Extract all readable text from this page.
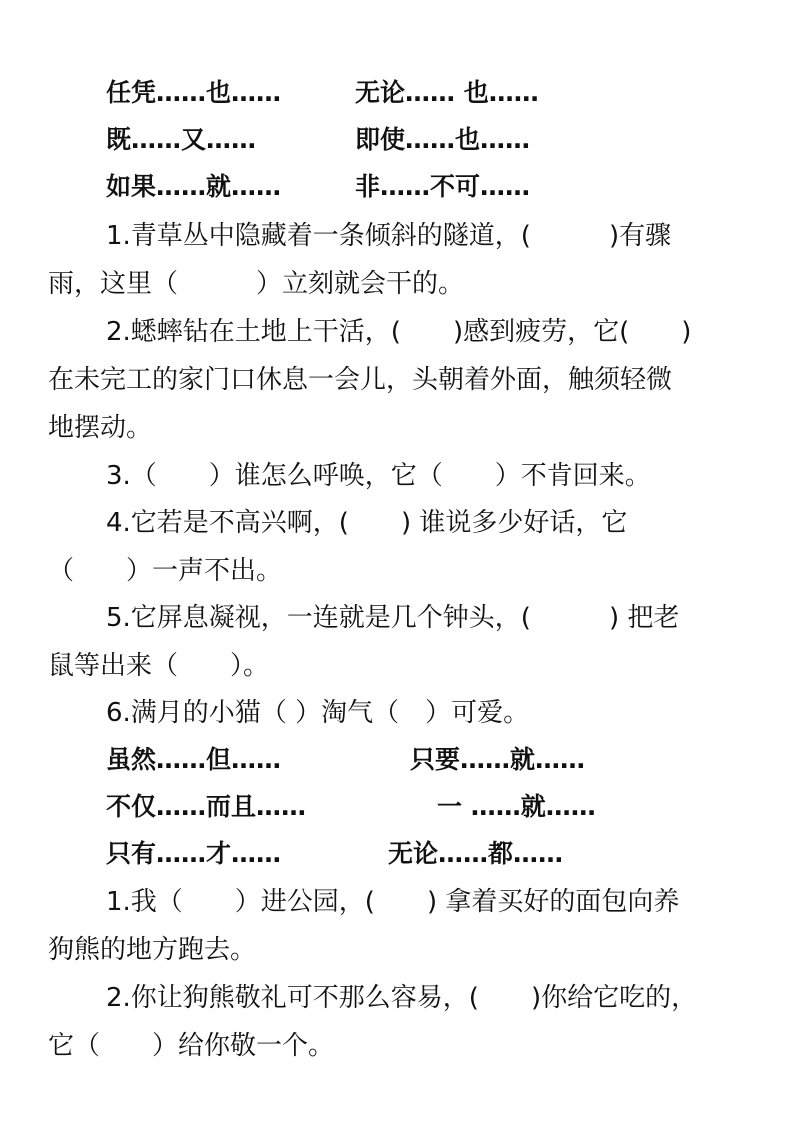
任凭……也……	无论…… 也……
既……又……	即使……也……
如果……就……	非……不可……
1.青草丛中隐藏着一条倾斜的隧道，(　　　)有骤
雨，这里（　　　）立刻就会干的。
2.蟋蟀钻在土地上干活，(　　)感到疲劳，它(　　)
在未完工的家门口休息一会儿，头朝着外面，触须轻微
地摆动。
3.（　　）谁怎么呼唤，它（　　）不肯回来。
4.它若是不高兴啊，(　　) 谁说多少好话，它
（　　）一声不出。
5.它屏息凝视，一连就是几个钟头，(　　　) 把老
鼠等出来（　　）。
6.满月的小猫（ ）淘气（　）可爱。
虽然……但……	只要……就……
不仅……而且……	一 ……就……
只有……才……	无论……都……
1.我（　　）进公园，(　　) 拿着买好的面包向养
狗熊的地方跑去。
2.你让狗熊敬礼可不那么容易，(　　)你给它吃的，
它（　　）给你敬一个。
